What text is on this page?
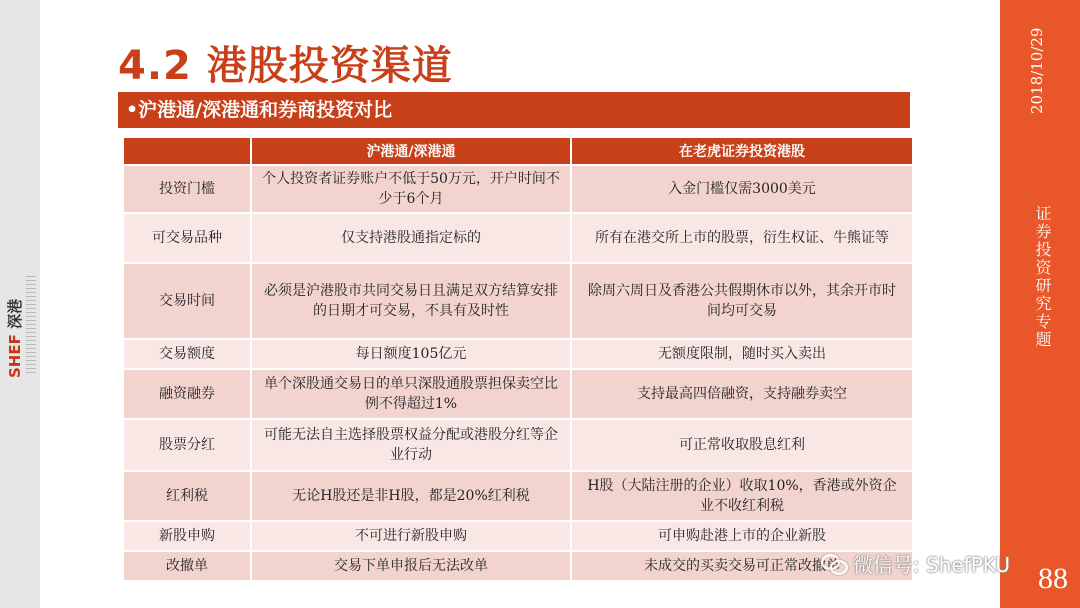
SHEF 深港
2018/10/29
证券投资研究专题
88
4.2 港股投资渠道
•沪港通/深港通和券商投资对比
	沪港通/深港通	在老虎证券投资港股
投资门槛	个人投资者证券账户不低于50万元，开户时间不少于6个月	入金门槛仅需3000美元
可交易品种	仅支持港股通指定标的	所有在港交所上市的股票，衍生权证、牛熊证等
交易时间	必须是沪港股市共同交易日且满足双方结算安排的日期才可交易，不具有及时性	除周六周日及香港公共假期休市以外，其余开市时间均可交易
交易额度	每日额度105亿元	无额度限制，随时买入卖出
融资融券	单个深股通交易日的单只深股通股票担保卖空比例不得超过1%	支持最高四倍融资，支持融券卖空
股票分红	可能无法自主选择股票权益分配或港股分红等企业行动	可正常收取股息红利
红利税	无论H股还是非H股，都是20%红利税	H股（大陆注册的企业）收取10%，香港或外资企业不收红利税
新股申购	不可进行新股申购	可申购赴港上市的企业新股
改撤单	交易下单申报后无法改单	未成交的买卖交易可正常改撤单 微信号: ShefPKU
